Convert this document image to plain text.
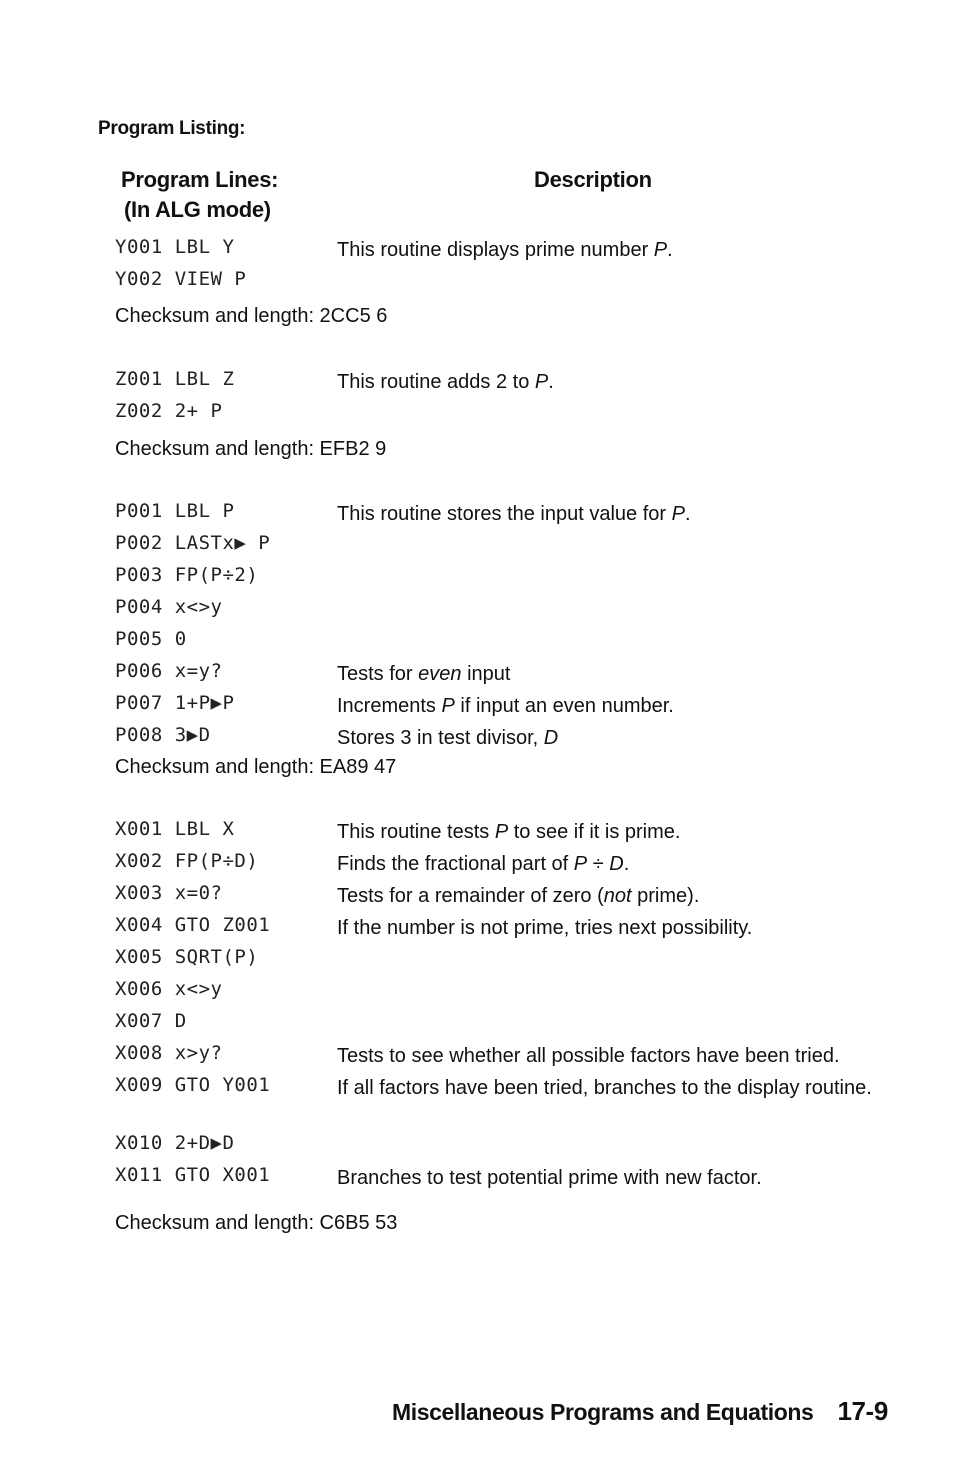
Program Listing:
Program Lines:
(In ALG mode)
Description
Y001 LBL Y	This routine displays prime number P.
Y002 VIEW P
Checksum and length: 2CC5 6
Z001 LBL Z	This routine adds 2 to P.
Z002 2+ P
Checksum and length: EFB2 9
P001 LBL P	This routine stores the input value for P.
P002 LASTx▶ P
P003 FP(P÷2)
P004 x<>y
P005 0
P006 x=y?	Tests for even input
P007 1+P▶P	Increments P if input an even number.
P008 3▶D	Stores 3 in test divisor, D
Checksum and length: EA89 47
X001 LBL X	This routine tests P to see if it is prime.
X002 FP(P÷D)	Finds the fractional part of P ÷ D.
X003 x=0?	Tests for a remainder of zero (not prime).
X004 GTO Z001	If the number is not prime, tries next possibility.
X005 SQRT(P)
X006 x<>y
X007 D
X008 x>y?	Tests to see whether all possible factors have been tried.
X009 GTO Y001	If all factors have been tried, branches to the display routine.
X010 2+D▶D
X011 GTO X001	Branches to test potential prime with new factor.
Checksum and length: C6B5 53
Miscellaneous Programs and Equations 17-9
